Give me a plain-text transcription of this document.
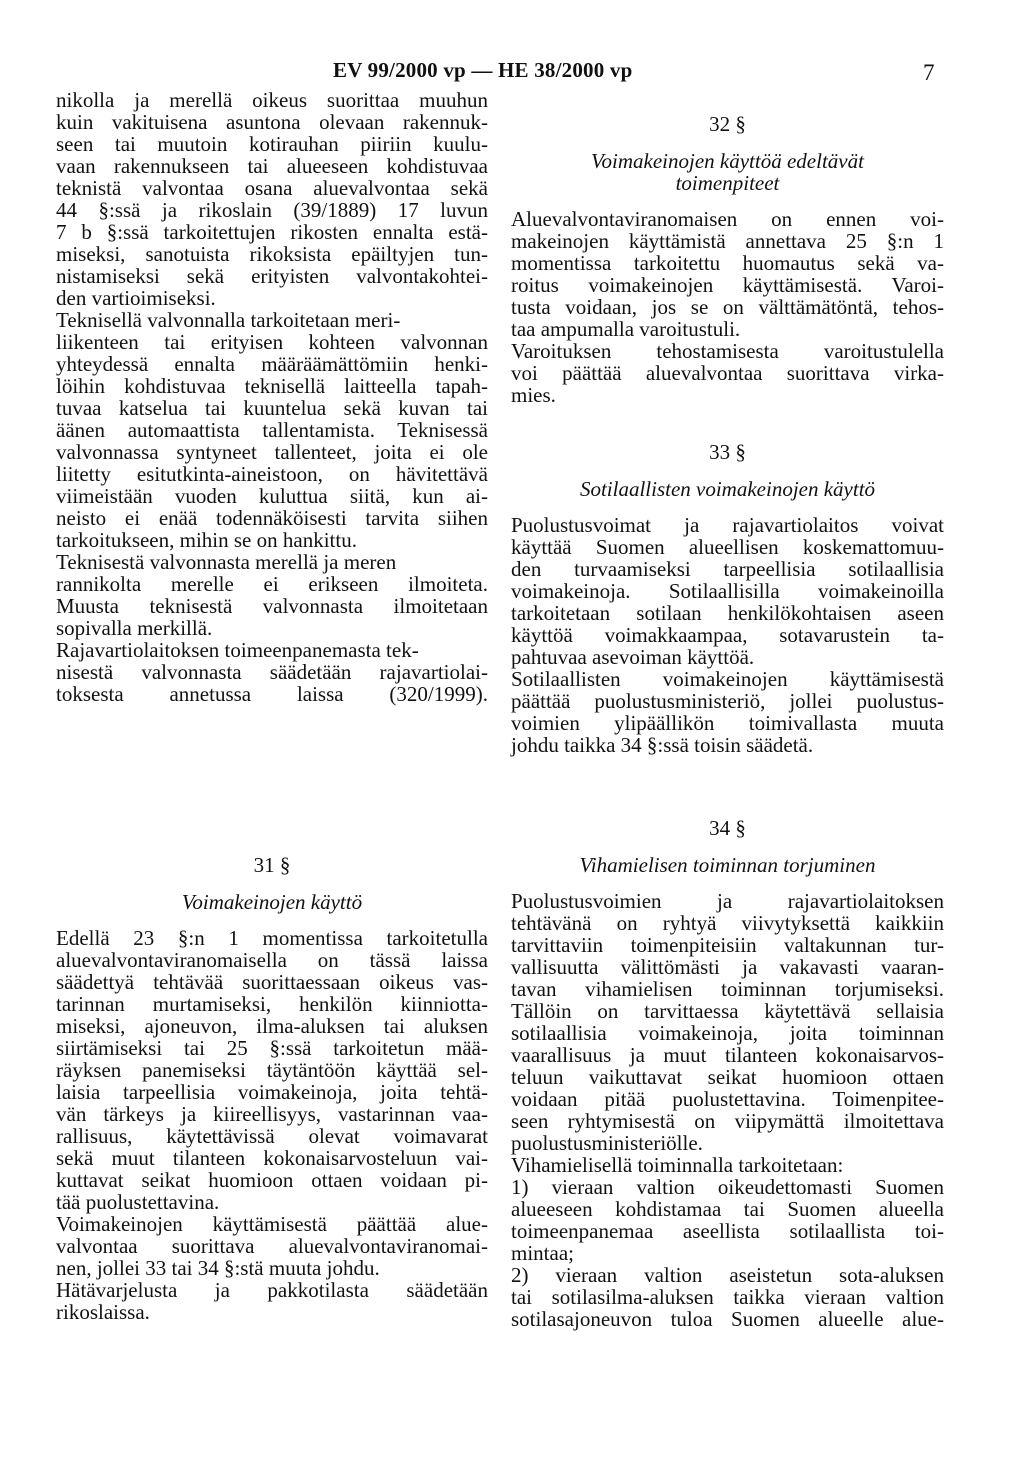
EV 99/2000 vp — HE 38/2000 vp	7
nikolla ja merellä oikeus suorittaa muuhun
kuin vakituisena asuntona olevaan rakennuk-
seen tai muutoin kotirauhan piiriin kuulu-
vaan rakennukseen tai alueeseen kohdistuvaa
teknistä valvontaa osana aluevalvontaa sekä
44 §:ssä ja rikoslain (39/1889) 17 luvun
7 b §:ssä tarkoitettujen rikosten ennalta estä-
miseksi, sanotuista rikoksista epäiltyjen tun-
nistamiseksi sekä erityisten valvontakohtei-
den vartioimiseksi.
Teknisellä valvonnalla tarkoitetaan meri-
liikenteen tai erityisen kohteen valvonnan
yhteydessä ennalta määräämättömiin henki-
löihin kohdistuvaa teknisellä laitteella tapah-
tuvaa katselua tai kuuntelua sekä kuvan tai
äänen automaattista tallentamista. Teknisessä
valvonnassa syntyneet tallenteet, joita ei ole
liitetty esitutkinta-aineistoon, on hävitettävä
viimeistään vuoden kuluttua siitä, kun ai-
neisto ei enää todennäköisesti tarvita siihen
tarkoitukseen, mihin se on hankittu.
Teknisestä valvonnasta merellä ja meren
rannikolta merelle ei erikseen ilmoiteta.
Muusta teknisestä valvonnasta ilmoitetaan
sopivalla merkillä.
Rajavartiolaitoksen toimeenpanemasta tek-
nisestä valvonnasta säädetään rajavartiolai-
toksesta annetussa laissa (320/1999).
31 §
Voimakeinojen käyttö
Edellä 23 §:n 1 momentissa tarkoitetulla
aluevalvontaviranomaisella on tässä laissa
säädettyä tehtävää suorittaessaan oikeus vas-
tarinnan murtamiseksi, henkilön kiinniotta-
miseksi, ajoneuvon, ilma-aluksen tai aluksen
siirtämiseksi tai 25 §:ssä tarkoitetun mää-
räyksen panemiseksi täytäntöön käyttää sel-
laisia tarpeellisia voimakeinoja, joita tehtä-
vän tärkeys ja kiireellisyys, vastarinnan vaa-
rallisuus, käytettävissä olevat voimavarat
sekä muut tilanteen kokonaisarvosteluun vai-
kuttavat seikat huomioon ottaen voidaan pi-
tää puolustettavina.
Voimakeinojen käyttämisestä päättää alue-
valvontaa suorittava aluevalvontaviranomai-
nen, jollei 33 tai 34 §:stä muuta johdu.
Hätävarjelusta ja pakkotilasta säädetään
rikoslaissa.
32 §
Voimakeinojen käyttöä edeltävät
toimenpiteet
Aluevalvontaviranomaisen on ennen voi-
makeinojen käyttämistä annettava 25 §:n 1
momentissa tarkoitettu huomautus sekä va-
roitus voimakeinojen käyttämisestä. Varoi-
tusta voidaan, jos se on välttämätöntä, tehos-
taa ampumalla varoitustuli.
Varoituksen tehostamisesta varoitustulella
voi päättää aluevalvontaa suorittava virka-
mies.
33 §
Sotilaallisten voimakeinojen käyttö
Puolustusvoimat ja rajavartiolaitos voivat
käyttää Suomen alueellisen koskemattomuu-
den turvaamiseksi tarpeellisia sotilaallisia
voimakeinoja. Sotilaallisilla voimakeinoilla
tarkoitetaan sotilaan henkilökohtaisen aseen
käyttöä voimakkaampaa, sotavarustein ta-
pahtuvaa asevoiman käyttöä.
Sotilaallisten voimakeinojen käyttämisestä
päättää puolustusministeriö, jollei puolustus-
voimien ylipäällikön toimivallasta muuta
johdu taikka 34 §:ssä toisin säädetä.
34 §
Vihamielisen toiminnan torjuminen
Puolustusvoimien ja rajavartiolaitoksen
tehtävänä on ryhtyä viivytyksettä kaikkiin
tarvittaviin toimenpiteisiin valtakunnan tur-
vallisuutta välittömästi ja vakavasti vaaran-
tavan vihamielisen toiminnan torjumiseksi.
Tällöin on tarvittaessa käytettävä sellaisia
sotilaallisia voimakeinoja, joita toiminnan
vaarallisuus ja muut tilanteen kokonaisarvos-
teluun vaikuttavat seikat huomioon ottaen
voidaan pitää puolustettavina. Toimenpitee-
seen ryhtymisestä on viipymättä ilmoitettava
puolustusministeriölle.
Vihamielisellä toiminnalla tarkoitetaan:
1) vieraan valtion oikeudettomasti Suomen
alueeseen kohdistamaa tai Suomen alueella
toimeenpanemaa aseellista sotilaallista toi-
mintaa;
2) vieraan valtion aseistetun sota-aluksen
tai sotilasilma-aluksen taikka vieraan valtion
sotilasajoneuvon tuloa Suomen alueelle alue-
